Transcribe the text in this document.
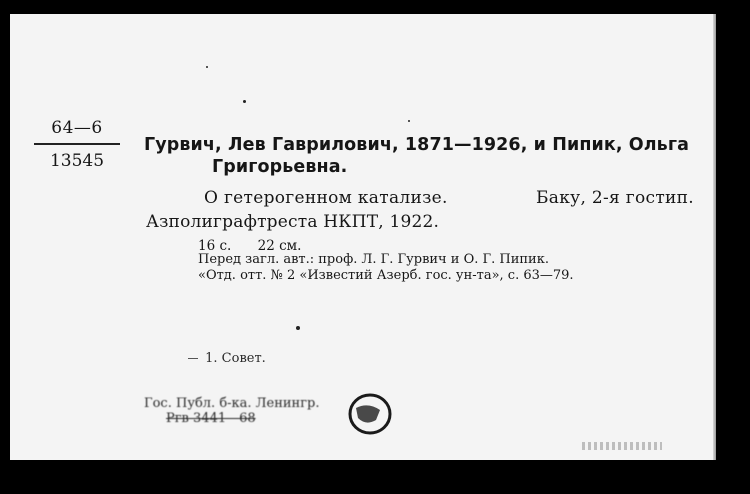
64—6
13545
Гурвич, Лев Гаврилович, 1871—1926, и Пипик, Ольга
Григорьевна.
О гетерогенном катализе.	Баку, 2-я гостип.
Азполиграфтреста НКПТ, 1922.
16 с. 22 см.
Перед загл. авт.: проф. Л. Г. Гурвич и О. Г. Пипик.
«Отд. отт. № 2 «Известий Азерб. гос. ун-та», с. 63—79.
1. Совет.
Гос. Публ. б-ка. Ленингр.
Ргв 3441—68
